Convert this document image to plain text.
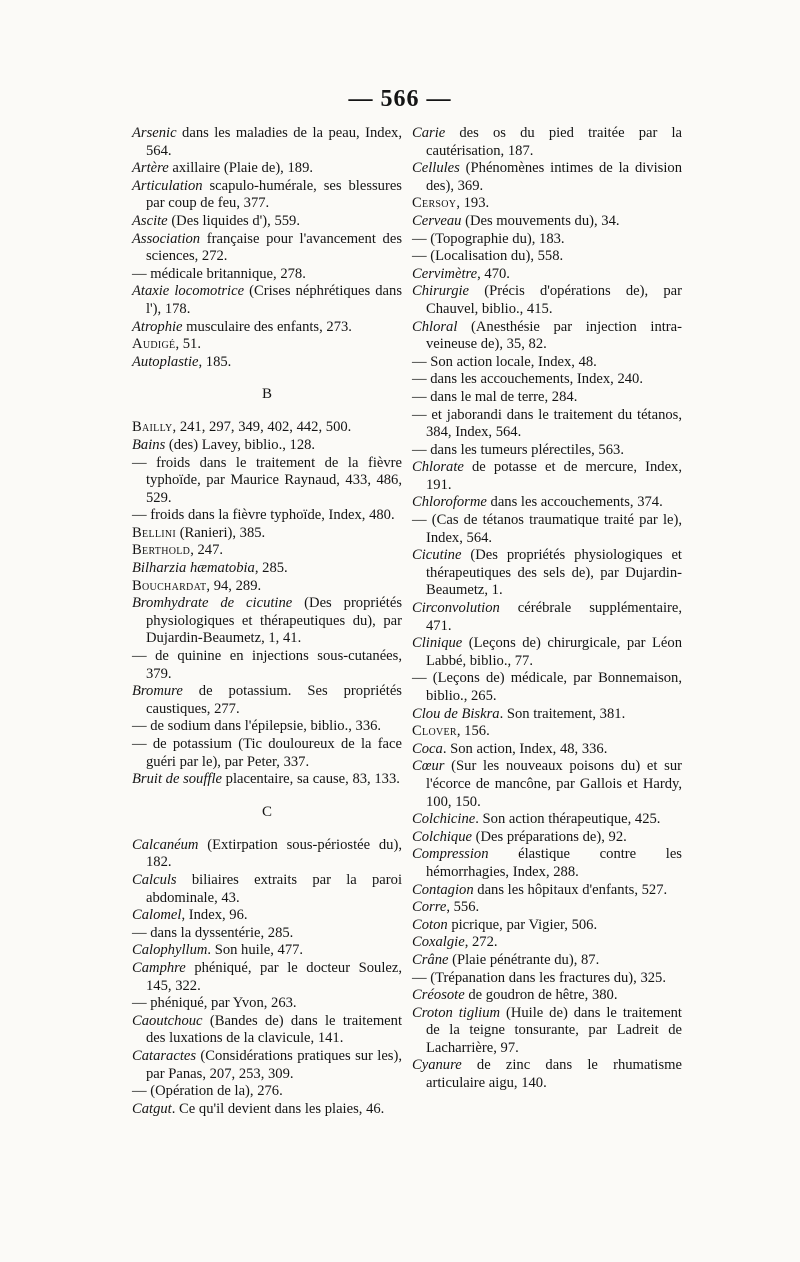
— 566 —

Arsenic dans les maladies de la peau, Index, 564.

Artère axillaire (Plaie de), 189.

Articulation scapulo-humérale, ses blessures par coup de feu, 377.

Ascite (Des liquides d'), 559.

Association française pour l'avancement des sciences, 272.

— médicale britannique, 278.

Ataxie locomotrice (Crises néphrétiques dans l'), 178.

Atrophie musculaire des enfants, 273.

Audigé, 51.

Autoplastie, 185.

B

Bailly, 241, 297, 349, 402, 442, 500.

Bains (des) Lavey, biblio., 128.

— froids dans le traitement de la fièvre typhoïde, par Maurice Raynaud, 433, 486, 529.

— froids dans la fièvre typhoïde, Index, 480.

Bellini (Ranieri), 385.

Berthold, 247.

Bilharzia hæmatobia, 285.

Bouchardat, 94, 289.

Bromhydrate de cicutine (Des propriétés physiologiques et thérapeutiques du), par Dujardin-Beaumetz, 1, 41.

— de quinine en injections sous-cutanées, 379.

Bromure de potassium. Ses propriétés caustiques, 277.

— de sodium dans l'épilepsie, biblio., 336.

— de potassium (Tic douloureux de la face guéri par le), par Peter, 337.

Bruit de souffle placentaire, sa cause, 83, 133.

C

Calcanéum (Extirpation sous-périostée du), 182.

Calculs biliaires extraits par la paroi abdominale, 43.

Calomel, Index, 96.

— dans la dyssentérie, 285.

Calophyllum. Son huile, 477.

Camphre phéniqué, par le docteur Soulez, 145, 322.

— phéniqué, par Yvon, 263.

Caoutchouc (Bandes de) dans le traitement des luxations de la clavicule, 141.

Cataractes (Considérations pratiques sur les), par Panas, 207, 253, 309.

— (Opération de la), 276.

Catgut. Ce qu'il devient dans les plaies, 46.

Carie des os du pied traitée par la cautérisation, 187.

Cellules (Phénomènes intimes de la division des), 369.

Cersoy, 193.

Cerveau (Des mouvements du), 34.

— (Topographie du), 183.

— (Localisation du), 558.

Cervimètre, 470.

Chirurgie (Précis d'opérations de), par Chauvel, biblio., 415.

Chloral (Anesthésie par injection intra-veineuse de), 35, 82.

— Son action locale, Index, 48.

— dans les accouchements, Index, 240.

— dans le mal de terre, 284.

— et jaborandi dans le traitement du tétanos, 384, Index, 564.

— dans les tumeurs plérectiles, 563.

Chlorate de potasse et de mercure, Index, 191.

Chloroforme dans les accouchements, 374.

— (Cas de tétanos traumatique traité par le), Index, 564.

Cicutine (Des propriétés physiologiques et thérapeutiques des sels de), par Dujardin-Beaumetz, 1.

Circonvolution cérébrale supplémentaire, 471.

Clinique (Leçons de) chirurgicale, par Léon Labbé, biblio., 77.

— (Leçons de) médicale, par Bonnemaison, biblio., 265.

Clou de Biskra. Son traitement, 381.

Clover, 156.

Coca. Son action, Index, 48, 336.

Cœur (Sur les nouveaux poisons du) et sur l'écorce de mancône, par Gallois et Hardy, 100, 150.

Colchicine. Son action thérapeutique, 425.

Colchique (Des préparations de), 92.

Compression élastique contre les hémorrhagies, Index, 288.

Contagion dans les hôpitaux d'enfants, 527.

Corre, 556.

Coton picrique, par Vigier, 506.

Coxalgie, 272.

Crâne (Plaie pénétrante du), 87.

— (Trépanation dans les fractures du), 325.

Créosote de goudron de hêtre, 380.

Croton tiglium (Huile de) dans le traitement de la teigne tonsurante, par Ladreit de Lacharrière, 97.

Cyanure de zinc dans le rhumatisme articulaire aigu, 140.
